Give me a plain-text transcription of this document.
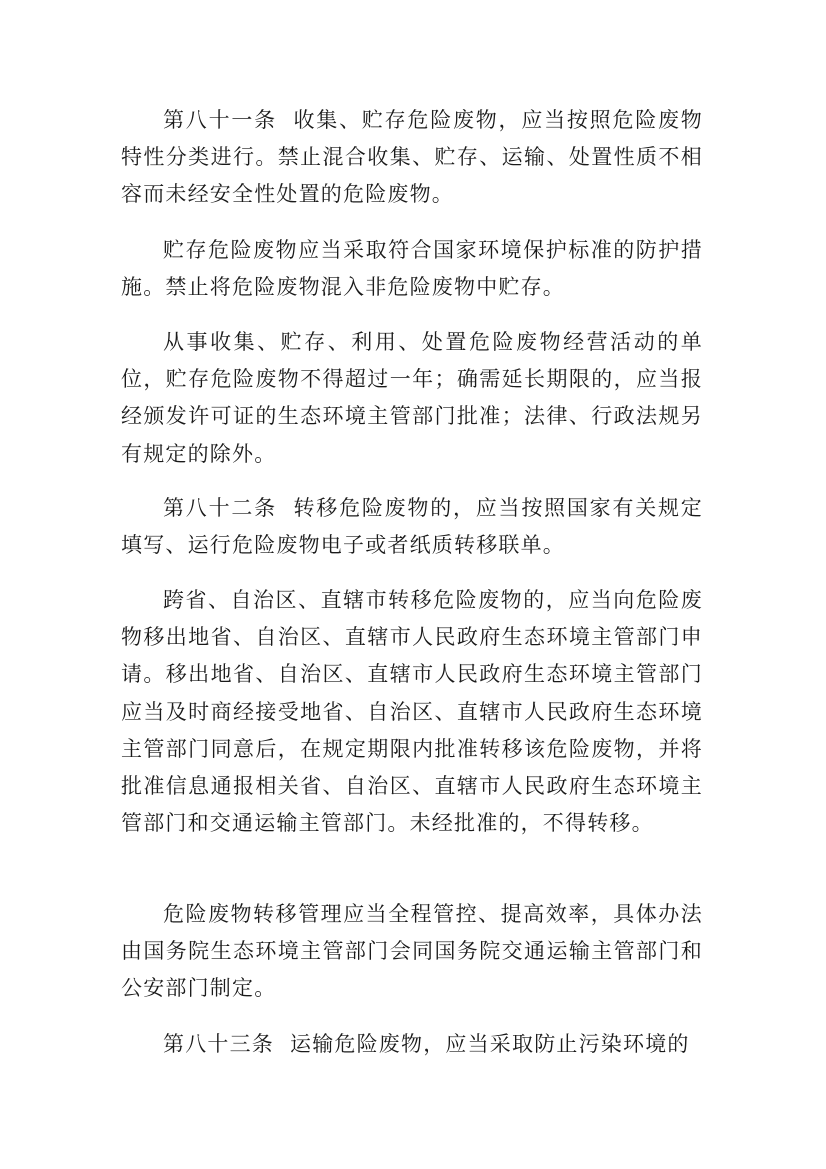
第八十一条 收集、贮存危险废物，应当按照危险废物特性分类进行。禁止混合收集、贮存、运输、处置性质不相容而未经安全性处置的危险废物。

贮存危险废物应当采取符合国家环境保护标准的防护措施。禁止将危险废物混入非危险废物中贮存。

从事收集、贮存、利用、处置危险废物经营活动的单位，贮存危险废物不得超过一年；确需延长期限的，应当报经颁发许可证的生态环境主管部门批准；法律、行政法规另有规定的除外。

第八十二条 转移危险废物的，应当按照国家有关规定填写、运行危险废物电子或者纸质转移联单。

跨省、自治区、直辖市转移危险废物的，应当向危险废物移出地省、自治区、直辖市人民政府生态环境主管部门申请。移出地省、自治区、直辖市人民政府生态环境主管部门应当及时商经接受地省、自治区、直辖市人民政府生态环境主管部门同意后，在规定期限内批准转移该危险废物，并将批准信息通报相关省、自治区、直辖市人民政府生态环境主管部门和交通运输主管部门。未经批准的，不得转移。

危险废物转移管理应当全程管控、提高效率，具体办法由国务院生态环境主管部门会同国务院交通运输主管部门和公安部门制定。

第八十三条 运输危险废物，应当采取防止污染环境的
